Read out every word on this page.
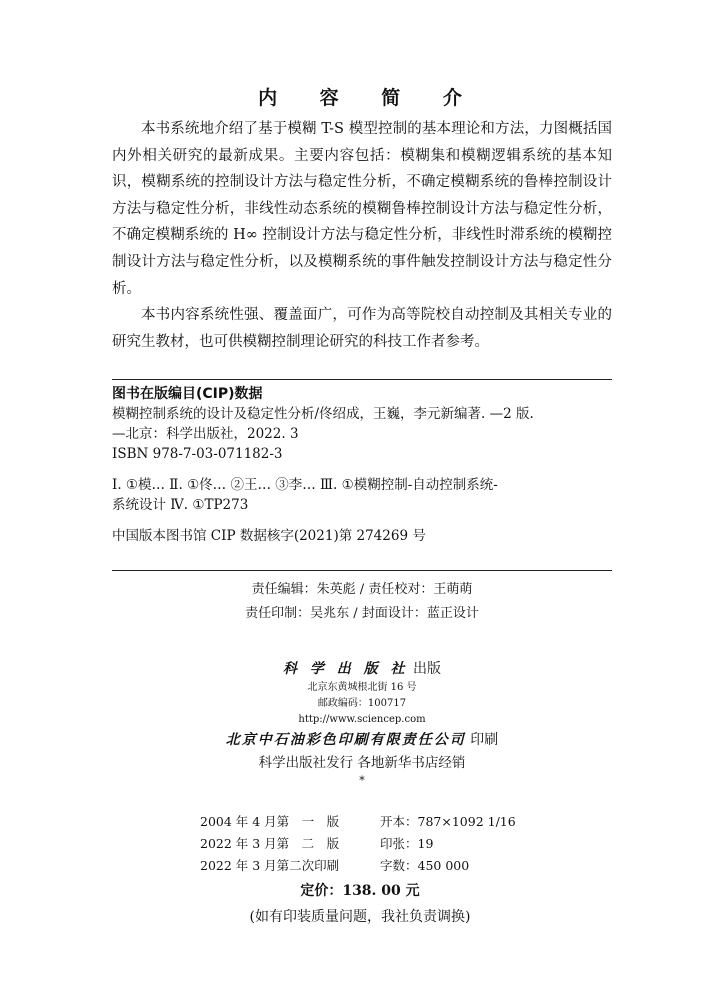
内 容 简 介

本书系统地介绍了基于模糊 T-S 模型控制的基本理论和方法，力图概括国内外相关研究的最新成果。主要内容包括：模糊集和模糊逻辑系统的基本知识，模糊系统的控制设计方法与稳定性分析，不确定模糊系统的鲁棒控制设计方法与稳定性分析，非线性动态系统的模糊鲁棒控制设计方法与稳定性分析，不确定模糊系统的 H∞ 控制设计方法与稳定性分析，非线性时滞系统的模糊控制设计方法与稳定性分析，以及模糊系统的事件触发控制设计方法与稳定性分析。

本书内容系统性强、覆盖面广，可作为高等院校自动控制及其相关专业的研究生教材，也可供模糊控制理论研究的科技工作者参考。

图书在版编目(CIP)数据
模糊控制系统的设计及稳定性分析/佟绍成，王巍，李元新编著. —2 版.
—北京：科学出版社，2022. 3
ISBN 978-7-03-071182-3
Ⅰ. ①模… Ⅱ. ①佟… ②王… ③李… Ⅲ. ①模糊控制-自动控制系统-
系统设计 Ⅳ. ①TP273
中国版本图书馆 CIP 数据核字(2021)第 274269 号
责任编辑：朱英彪 / 责任校对：王萌萌
责任印制：吴兆东 / 封面设计：蓝正设计
科 学 出 版 社 出版
北京东黄城根北街 16 号
邮政编码：100717
http://www.sciencep.com
北京中石油彩色印刷有限责任公司 印刷
科学出版社发行 各地新华书店经销
*
2004 年 4 月第　一　版	开本：787×1092 1/16
2022 年 3 月第　二　版	印张：19
2022 年 3 月第二次印刷	字数：450 000
定价：138. 00 元
(如有印装质量问题，我社负责调换)
